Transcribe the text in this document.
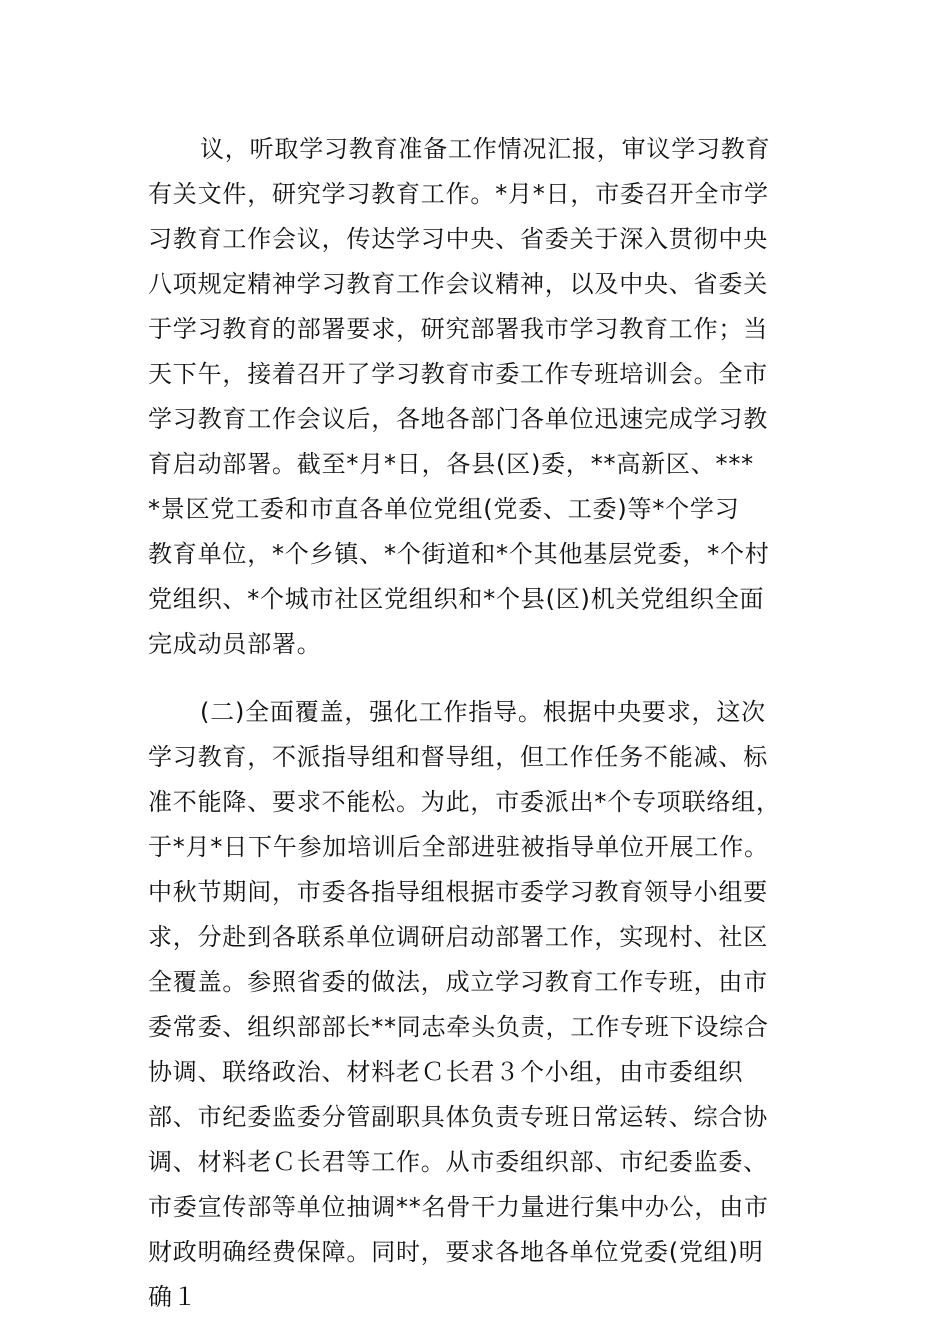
议，听取学习教育准备工作情况汇报，审议学习教育
有关文件，研究学习教育工作。*月*日，市委召开全市学
习教育工作会议，传达学习中央、省委关于深入贯彻中央
八项规定精神学习教育工作会议精神，以及中央、省委关
于学习教育的部署要求，研究部署我市学习教育工作；当
天下午，接着召开了学习教育市委工作专班培训会。全市
学习教育工作会议后，各地各部门各单位迅速完成学习教
育启动部署。截至*月*日，各县(区)委，**高新区、***
*景区党工委和市直各单位党组(党委、工委)等*个学习
教育单位，*个乡镇、*个街道和*个其他基层党委，*个村
党组织、*个城市社区党组织和*个县(区)机关党组织全面
完成动员部署。
(二)全面覆盖，强化工作指导。根据中央要求，这次
学习教育，不派指导组和督导组，但工作任务不能减、标
准不能降、要求不能松。为此，市委派出*个专项联络组，
于*月*日下午参加培训后全部进驻被指导单位开展工作。
中秋节期间，市委各指导组根据市委学习教育领导小组要
求，分赴到各联系单位调研启动部署工作，实现村、社区
全覆盖。参照省委的做法，成立学习教育工作专班，由市
委常委、组织部部长**同志牵头负责，工作专班下设综合
协调、联络政治、材料老Ｃ长君３个小组，由市委组织
部、市纪委监委分管副职具体负责专班日常运转、综合协
调、材料老Ｃ长君等工作。从市委组织部、市纪委监委、
市委宣传部等单位抽调**名骨干力量进行集中办公，由市
财政明确经费保障。同时，要求各地各单位党委(党组)明
确１
